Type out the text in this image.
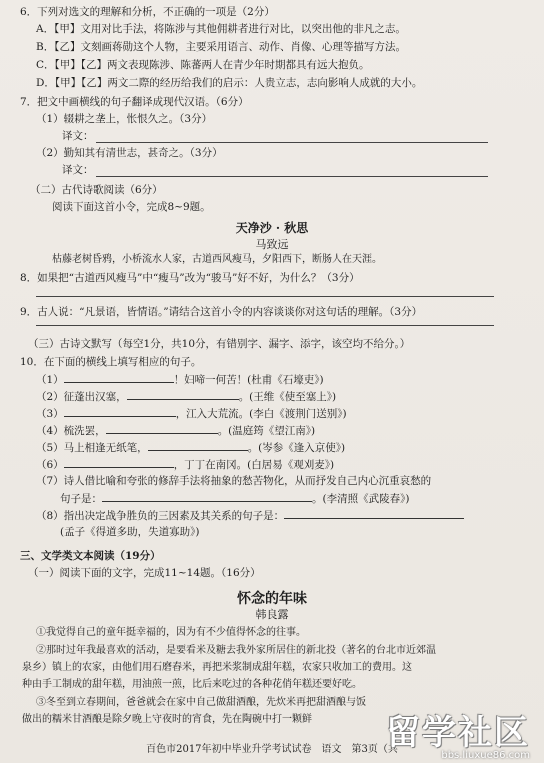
6．下列对选文的理解和分析，不正确的一项是（2分）
A．【甲】文用对比手法，将陈涉与其他佣耕者进行对比，以突出他的非凡之志。
B．【乙】文刻画蒋勋这个人物，主要采用语言、动作、肖像、心理等描写方法。
C．【甲】【乙】两文表现陈涉、陈蕃两人在青少年时期都具有远大抱负。
D．【甲】【乙】两文二際的经历给我们的启示：人贵立志，志向影响人成就的大小。
7．把文中画横线的句子翻译成现代汉语。（6分）
（1）辍耕之垄上，怅恨久之。（3分）
译文：
（2）勤知其有清世志，甚奇之。（3分）
译文：
（二）古代诗歌阅读（6分）
阅读下面这首小令，完成8~9题。
天净沙 · 秋思
马致远
枯藤老树昏鸦，小桥流水人家，古道西风瘦马，夕阳西下，断肠人在天涯。
8．如果把“古道西风瘦马”中“瘦马”改为“骏马”好不好，为什么？（3分）
9．古人说：“凡景语，皆情语。”请结合这首小令的内容谈谈你对这句话的理解。（3分）
（三）古诗文默写（每空1分，共10分，有错别字、漏字、添字，该空均不给分。）
10．在下面的横线上填写相应的句子。
（1）	！妇啼一何苦！(杜甫《石壕吏》)
（2）征蓬出汉塞，	。(王维《使至塞上》)
（3）	，江入大荒流。(李白《渡荆门送别》)
（4）梳洗罢，	。(温庭筠《望江南》)
（5）马上相逢无纸笔，	。(岑参《逢入京使》)
（6）	，丁丁在南冈。(白居易《观刈麦》)
（7）诗人借比喻和夸张的修辞手法将抽象的愁苦物化，从而抒发自己内心沉重哀愁的
句子是：	。(李清照《武陵春》)
（8）指出决定战争胜负的三因素及其关系的句子是：
(孟子《得道多助，失道寡助》)
三、文学类文本阅读（19分）
（一）阅读下面的文字，完成11~14题。（16分）
怀念的年味
韩良露
①我觉得自己的童年挺幸福的，因为有不少值得怀念的往事。
②那时过年我最喜欢的活动，是要看米及糖去我外家所居住的新北投（著名的台北市近郊温
泉乡）镇上的农家，由他们用石磨舂米，再把米浆制成甜年糕，农家只收加工的费用。这
种由手工制成的甜年糕，用油煎一煎，比后来吃过的各种花俏年糕还要好吃。
③冬至到立春期间，爸爸就会在家中自己做甜酒酿，先炊米再把甜酒酿与饭
做出的糯米甘酒酿是除夕晚上守夜时的宵食，先在陶碗中打一颗鲜
百色市2017年初中毕业升学考试试卷　语文　第3页（共
留学社区
bbs.liuxue86.com
